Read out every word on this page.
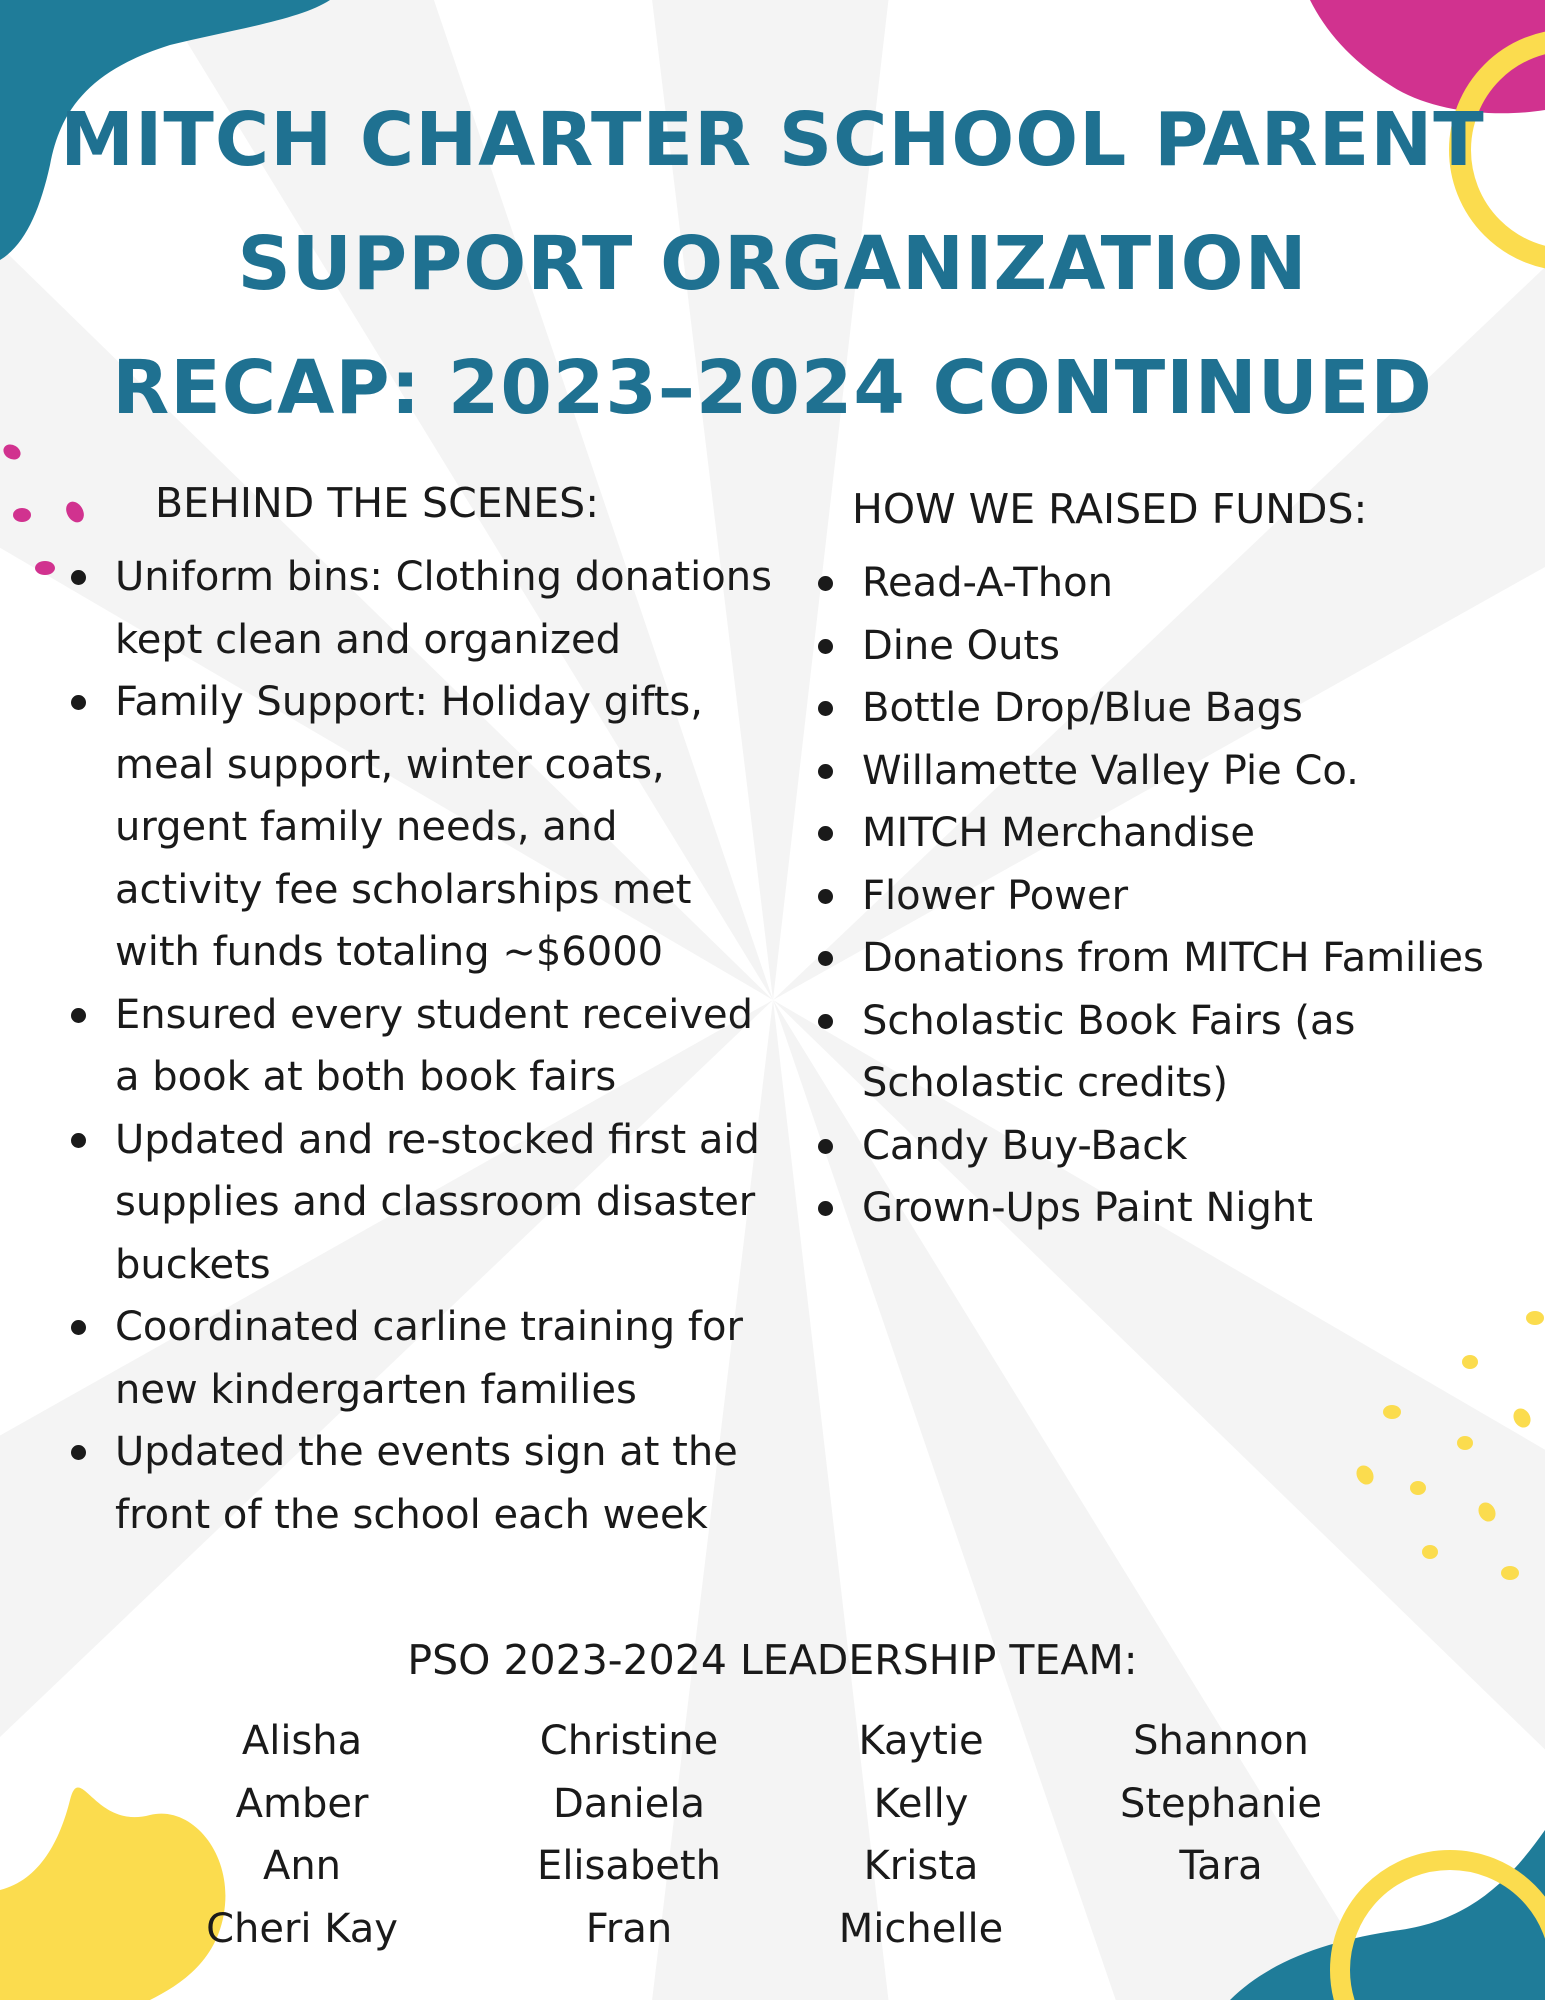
MITCH CHARTER SCHOOL PARENT
SUPPORT ORGANIZATION
RECAP: 2023–2024 CONTINUED
BEHIND THE SCENES:
Uniform bins: Clothing donations kept clean and organized
Family Support: Holiday gifts, meal support, winter coats, urgent family needs, and activity fee scholarships met with funds totaling ~$6000
Ensured every student received a book at both book fairs
Updated and re-stocked first aid supplies and classroom disaster buckets
Coordinated carline training for new kindergarten families
Updated the events sign at the front of the school each week
HOW WE RAISED FUNDS:
Read-A-Thon
Dine Outs
Bottle Drop/Blue Bags
Willamette Valley Pie Co.
MITCH Merchandise
Flower Power
Donations from MITCH Families
Scholastic Book Fairs (as Scholastic credits)
Candy Buy-Back
Grown-Ups Paint Night
PSO 2023-2024 LEADERSHIP TEAM:
Alisha
Amber
Ann
Cheri Kay
Christine
Daniela
Elisabeth
Fran
Kaytie
Kelly
Krista
Michelle
Shannon
Stephanie
Tara
